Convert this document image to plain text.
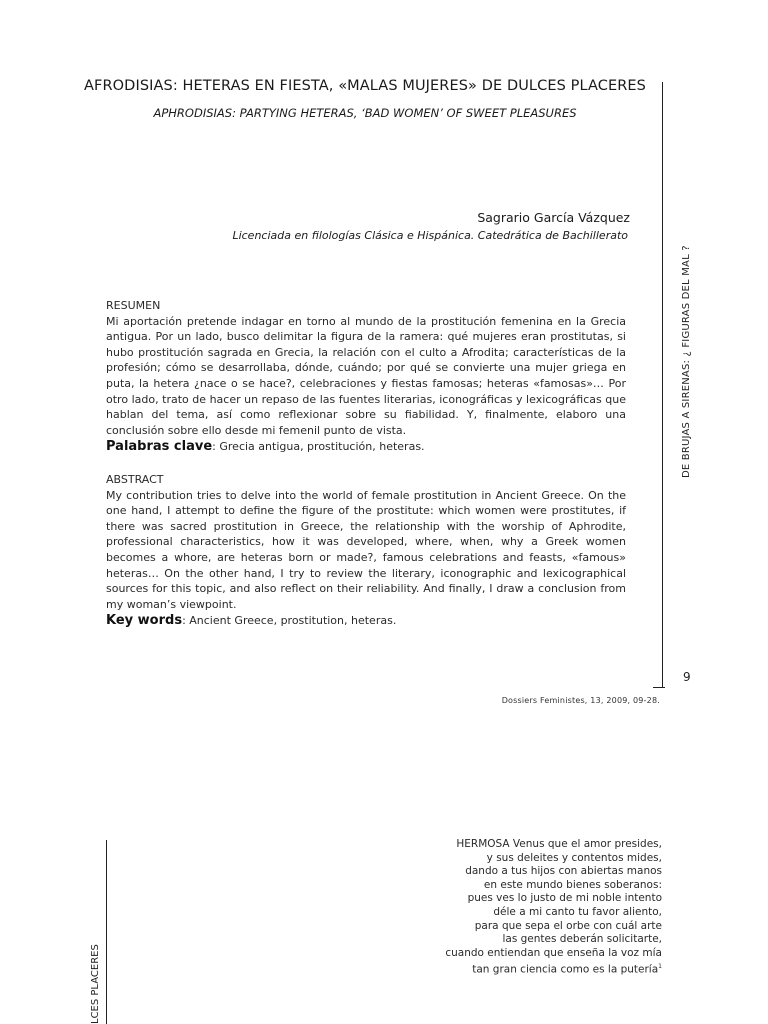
AFRODISIAS: HETERAS EN FIESTA, «MALAS MUJERES» DE DULCES PLACERES
APHRODISIAS: PARTYING HETERAS, ‘BAD WOMEN’ OF SWEET PLEASURES
Sagrario García Vázquez
Licenciada en filologías Clásica e Hispánica. Catedrática de Bachillerato
RESUMEN
Mi aportación pretende indagar en torno al mundo de la prostitución femenina en la Grecia antigua. Por un lado, busco delimitar la figura de la ramera: qué mujeres eran prostitutas, si hubo prostitución sagrada en Grecia, la relación con el culto a Afrodita; características de la profesión; cómo se desarrollaba, dónde, cuándo; por qué se convierte una mujer griega en puta, la hetera ¿nace o se hace?, celebraciones y fiestas famosas; heteras «famosas»… Por otro lado, trato de hacer un repaso de las fuentes literarias, iconográficas y lexicográficas que hablan del tema, así como reflexionar sobre su fiabilidad. Y, finalmente, elaboro una conclusión sobre ello desde mi femenil punto de vista.
Palabras clave: Grecia antigua, prostitución, heteras.
ABSTRACT
My contribution tries to delve into the world of female prostitution in Ancient Greece. On the one hand, I attempt to define the figure of the prostitute: which women were prostitutes, if there was sacred prostitution in Greece, the relationship with the worship of Aphrodite, professional characteristics, how it was developed, where, when, why a Greek women becomes a whore, are heteras born or made?, famous celebrations and feasts, «famous» heteras… On the other hand, I try to review the literary, iconographic and lexicographical sources for this topic, and also reflect on their reliability. And finally, I draw a conclusion from my woman’s viewpoint.
Key words: Ancient Greece, prostitution, heteras.
DE BRUJAS A SIRENAS: ¿ FIGURAS DEL MAL ?
9
Dossiers Feministes, 13, 2009, 09-28.
LCES PLACERES
HERMOSA Venus que el amor presides,
y sus deleites y contentos mides,
dando a tus hijos con abiertas manos
en este mundo bienes soberanos:
pues ves lo justo de mi noble intento
déle a mi canto tu favor aliento,
para que sepa el orbe con cuál arte
las gentes deberán solicitarte,
cuando entiendan que enseña la voz mía
tan gran ciencia como es la putería$^1$
